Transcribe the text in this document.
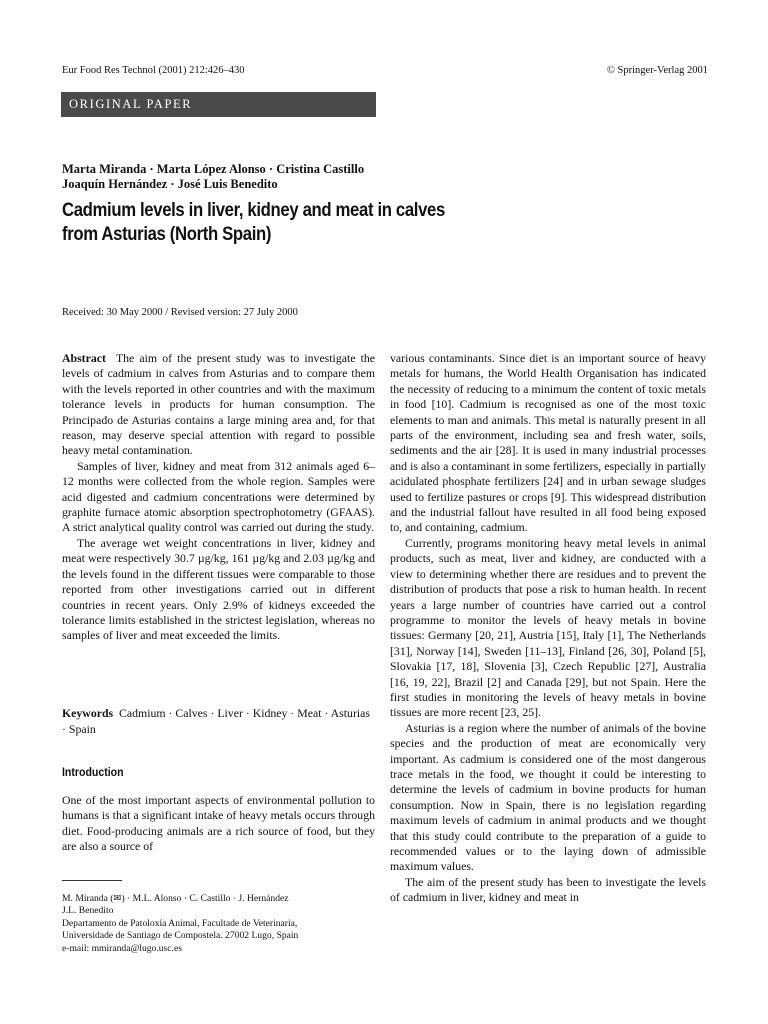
Eur Food Res Technol (2001) 212:426–430	© Springer-Verlag 2001
ORIGINAL PAPER
Marta Miranda · Marta López Alonso · Cristina Castillo
Joaquín Hernández · José Luis Benedito
Cadmium levels in liver, kidney and meat in calves
from Asturias (North Spain)
Received: 30 May 2000 / Revised version: 27 July 2000

Abstract The aim of the present study was to investigate the levels of cadmium in calves from Asturias and to compare them with the levels reported in other countries and with the maximum tolerance levels in products for human consumption. The Principado de Asturias contains a large mining area and, for that reason, may deserve special attention with regard to possible heavy metal contamination.

Samples of liver, kidney and meat from 312 animals aged 6–12 months were collected from the whole region. Samples were acid digested and cadmium concentrations were determined by graphite furnace atomic absorption spectrophotometry (GFAAS). A strict analytical quality control was carried out during the study.

The average wet weight concentrations in liver, kidney and meat were respectively 30.7 µg/kg, 161 µg/kg and 2.03 µg/kg and the levels found in the different tissues were comparable to those reported from other investigations carried out in different countries in recent years. Only 2.9% of kidneys exceeded the tolerance limits established in the strictest legislation, whereas no samples of liver and meat exceeded the limits.

Keywords Cadmium · Calves · Liver · Kidney · Meat · Asturias · Spain
Introduction

One of the most important aspects of environmental pollution to humans is that a significant intake of heavy metals occurs through diet. Food-producing animals are a rich source of food, but they are also a source of

M. Miranda (✉) · M.L. Alonso · C. Castillo · J. Hernández
J.L. Benedito
Departamento de Patoloxía Animal, Facultade de Veterinaria,
Universidade de Santiago de Compostela. 27002 Lugo, Spain
e-mail: mmiranda@lugo.usc.es

various contaminants. Since diet is an important source of heavy metals for humans, the World Health Organisation has indicated the necessity of reducing to a minimum the content of toxic metals in food [10]. Cadmium is recognised as one of the most toxic elements to man and animals. This metal is naturally present in all parts of the environment, including sea and fresh water, soils, sediments and the air [28]. It is used in many industrial processes and is also a contaminant in some fertilizers, especially in partially acidulated phosphate fertilizers [24] and in urban sewage sludges used to fertilize pastures or crops [9]. This widespread distribution and the industrial fallout have resulted in all food being exposed to, and containing, cadmium.

Currently, programs monitoring heavy metal levels in animal products, such as meat, liver and kidney, are conducted with a view to determining whether there are residues and to prevent the distribution of products that pose a risk to human health. In recent years a large number of countries have carried out a control programme to monitor the levels of heavy metals in bovine tissues: Germany [20, 21], Austria [15], Italy [1], The Netherlands [31], Norway [14], Sweden [11–13], Finland [26, 30], Poland [5], Slovakia [17, 18], Slovenia [3], Czech Republic [27], Australia [16, 19, 22], Brazil [2] and Canada [29], but not Spain. Here the first studies in monitoring the levels of heavy metals in bovine tissues are more recent [23, 25].

Asturias is a region where the number of animals of the bovine species and the production of meat are economically very important. As cadmium is considered one of the most dangerous trace metals in the food, we thought it could be interesting to determine the levels of cadmium in bovine products for human consumption. Now in Spain, there is no legislation regarding maximum levels of cadmium in animal products and we thought that this study could contribute to the preparation of a guide to recommended values or to the laying down of admissible maximum values.

The aim of the present study has been to investigate the levels of cadmium in liver, kidney and meat in
